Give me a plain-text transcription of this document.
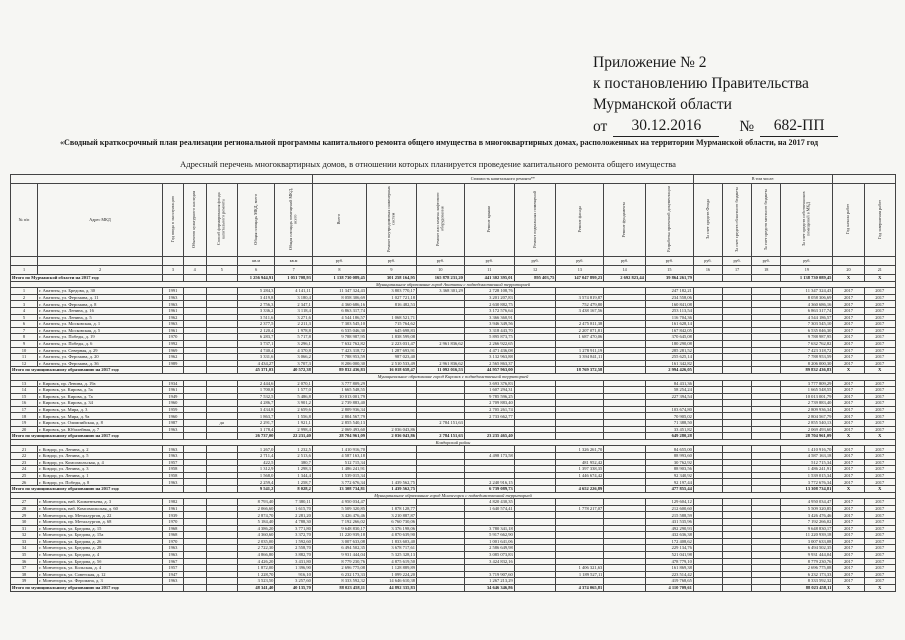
Приложение № 2
к постановлению Правительства
Мурманской области
от	30.12.2016	№	682-ПП
«Сводный краткосрочный план реализации региональной программы капитального ремонта общего имущества в многоквартирных домах, расположенных на территории Мурманской области, на 2017 год
Адресный перечень многоквартирных домов, в отношении которых планируется проведение капитального ремонта общего имущества
							Стоимость капитального ремонта**								В том числе:					
№ п/п	Адрес МКД	Год ввода в эксплуатацию	Объектов культурного наследия	Способ формирования фонда капитального ремонта	Общая площадь МКД, всего	Общая площадь помещений МКД, всего	Всего	Ремонт внутридомовых инженерных систем	Ремонт или замена лифтового оборудования	Ремонт крыши	Ремонт подвальных помещений	Ремонт фасада	Ремонт фундамента	Разработка проектной документации	За счет средств Фонда	За счет средств областного бюджета	За счет средств местного бюджета	За счет средств собственников помещений в МКД	Год начала работ	Год завершения работ
					кв.м	кв.м	руб.	руб.	руб.	руб.	руб.	руб.	руб.	руб.	руб.	руб.	руб.	руб.		
1	2	3	4	5	6	7	8	9	10	11	12	13	14	15	16	17	18	19	20	21
Итого по Мурманской области на 2017 год:					1 256 944,91	1 051 708,93	1 138 730 089,45	301 258 164,95	165 878 231,20	441 302 395,01	895 403,75	147 047 899,23	2 692 823,44	39 864 261,79				1 138 730 089,45	X	X
Муниципальное образование город Апатиты с подведомственной территорией																				
1	г. Апатиты, ул. Бредова, д. 30	1991			5 284,3	4 141,11	11 347 324,43	3 803 770,17	3 368 301,29	2 728 108,76				247 182,21				11 347 324,43	2017	2017
2	г. Апатиты, ул. Ферсмана, д. 11	1963			3 419,8	3 180,4	8 058 306,69	1 027 721,18		3 201 207,83		3 574 819,87		234 558,06				8 058 306,69	2017	2017
3	г. Апатиты, ул. Ферсмана, д. 8	1963			2 756,3	2 347,1	4 360 686,16	816 482,53		2 630 882,75		752 479,80		160 841,08				4 360 686,16	2017	2017
4	г. Апатиты, ул. Ленина, д. 16	1961			3 336,2	3 118,4	6 863 317,74			3 172 576,64		3 438 167,56		253 113,54				6 863 317,74	2017	2017
5	г. Апатиты, ул. Ленина, д. 5	1962			3 511,6	3 271,6	4 544 186,57	1 068 521,71		3 366 360,91				116 704,36				4 544 186,57	2017	2017
6	г. Апатиты, ул. Московская, д. 1	1963			2 377,5	2 211,3	7 303 545,10	715 764,62		3 946 349,56		2 475 811,38		161 628,14				7 303 545,10	2017	2017
7	г. Апатиты, ул. Московская, д. 5	1961			2 120,4	1 978,8	6 535 046,30	645 698,83		3 318 443,70		2 207 071,81		167 842,05				6 535 046,30	2017	2017
8	г. Апатиты, ул. Победы, д. 19	1970			6 283,7	5 717,8	9 788 987,95	1 838 599,08		5 895 873,75		1 687 470,06		370 645,08				9 788 987,95	2017	2017
9	г. Апатиты, ул. Победы, д. 6	1992			3 737,1	3 296,1	7 632 762,82	2 223 031,47	2 961 836,62	2 266 922,65				180 290,08				7 632 762,82	2017	2017
10	г. Апатиты, ул. Северная, д. 29	1969			4 740,4	4 370,8	7 423 318,72	1 287 693,91		4 471 436,08		1 278 911,19		285 281,52				7 423 318,72	2017	2017
11	г. Апатиты, ул. Ферсмана, д. 20	1962			3 331,6	3 066,2	7 788 953,59	987 023,40		3 132 963,88		3 394 841,11		255 625,14				7 788 953,59	2017	2017
12	г. Апатиты, ул. Ферсмана, д. 36	1989			4 434,27	3 707,3	8 206 000,30	2 510 533,49	2 961 836,62	2 565 863,37				161 342,82				8 206 000,30	2017	2017
Итого по муниципальному образованию на 2017 год:					45 371,03	40 572,38	89 832 436,83	16 018 658,47	11 092 016,53	44 957 963,00		18 769 372,58		2 994 426,05				89 832 436,83	X	X
Муниципальное образование город Кировск с подведомственной территорией																				
13	г. Кировск, пр. Ленина, д. 19а	1934			2 444,6	2 070,1	3 777 809,29			3 693 376,83				84 431,36				3 777 809,29	2017	2017
14	г. Кировск, ул. Кирова, д. 5а	1961			1 700,8	1 577,0	1 665 548,55			1 607 294,31				58 254,24				1 665 548,55	2017	2017
15	г. Кировск, ул. Кирова, д. 7а	1949			7 532,5	5 486,8	10 013 001,79			9 785 596,25				227 394,54				10 013 001,79	2017	2017
16	г. Кировск, ул. Кирова, д. 34	1960			4 286,7	3 901,2	2 739 883,40			2 709 883,40								2 739 883,40	2017	2017
17	г. Кировск, ул. Мира, д. 3	1959			3 434,8	2 659,6	2 809 936,34			2 705 261,74				103 674,80				2 809 936,34	2017	2017
18	г. Кировск, ул. Мира, д. 9а	1960			1 863,7	1 556,8	2 804 567,79			2 733 662,77				70 905,02				2 804 567,79	2017	2017
19	г. Кировск, ул. Олимпийская, д. 8	1987		да	2 291,7	1 921,1	2 855 540,13		2 784 151,63					71 388,50				2 855 540,13	2017	2017
20	г. Кировск, ул. Юбилейная, д. 7	1963			3 178,4	2 998,4	2 069 493,60	2 036 043,86						33 451,82				2 069 493,60	2017	2017
Итого по муниципальному образованию на 2017 год:					26 737,00	22 231,40	28 704 961,09	2 036 043,86	2 784 151,63	23 235 465,40				649 280,28				28 704 961,09	X	X
Ковдорский район																				
21	г. Ковдор, ул. Ленина, д. 2	1963			1 267,0	1 232,5	1 410 916,70					1 326 261,70		84 655,00				1 410 916,70	2017	2017
22	г. Ковдор, ул. Ленина, д. 5	1963			2 711,4	2 513,6	4 587 163,18			4 498 173,58				88 993,60				4 587 163,18	2017	2017
23	г. Ковдор, ул. Комсомольская, д. 4	1957			422,5	380,7	512 715,34					481 952,42		30 762,92				512 715,34	2017	2017
24	г. Ковдор, ул. Ленина, д. 3	1958			1 312,9	1 298,3	1 486 241,91					1 397 338,35		88 903,56				1 486 241,91	2017	2017
25	г. Ковдор, ул. Ленина, д. 1	1958			1 568,0	1 344,4	1 539 015,34					1 446 674,42		92 340,92				1 539 015,34	2017	2017
26	г. Ковдор, ул. Победы, д. 8	1963			2 259,4	1 258,7	3 772 676,34	1 439 562,75		2 240 916,15				92 197,44				3 772 676,34	2017	2017
Итого по муниципальному образованию на 2017 год:					9 541,2	8 028,2	13 308 734,81	1 439 562,75		6 739 089,73		4 652 226,89		477 855,44				13 308 734,81	X	X
Муниципальное образование город Мончегорск с подведомственной территорией																				
27	г. Мончегорск, наб. Климентьева, д. 3	1982			8 793,40	7 380,11	4 950 034,47			4 820 430,35				129 604,12				4 950 034,47	2017	2017
28	г. Мончегорск, наб. Комсомольская, д. 60	1961			2 066,60	1 615,70	5 509 320,85	1 878 128,77		1 640 574,41		1 778 217,07		212 600,60				5 509 320,85	2017	2017
29	г. Мончегорск, пр. Металлургов, д. 22	1939			2 874,70	2 281,20	3 426 476,46	3 210 887,87						215 588,59				3 426 476,46	2017	2017
30	г. Мончегорск, пр. Металлургов, д. 68	1970			5 184,40	4 788,30	7 192 266,02	6 760 730,06						431 535,96				7 192 266,02	2017	2017
31	г. Мончегорск, ул. Бредова, д. 15	1968			4 386,20	3 771,80	9 648 830,17	3 376 198,06		3 780 341,18				492 290,93				9 648 830,17	2017	2017
32	г. Мончегорск, ул. Бредова, д. 15а	1968			4 360,60	3 372,70	11 220 939,18	4 870 639,90		5 917 662,90				432 636,38				11 220 939,18	2017	2017
33	г. Мончегорск, ул. Бредова, д. 26	1970			2 035,00	1 592,60	3 007 633,08	1 833 603,40		1 001 641,06				172 408,62				3 007 633,08	2017	2017
34	г. Мончегорск, ул. Бредова, д. 28	1963			2 722,30	2 558,70	6 494 502,35	3 678 717,61		2 586 649,98				229 134,76				6 494 502,35	2017	2017
35	г. Мончегорск, ул. Бредова, д. 4	1963			4 866,80	3 882,70	9 931 444,04	5 325 328,13		3 085 073,83				521 041,98				9 931 444,04	2017	2017
36	г. Мончегорск, ул. Бредова, д. 5б	1967			4 426,20	3 431,80	8 779 230,76	4 875 619,50		3 424 832,16				478 779,10				8 779 230,76	2017	2017
37	г. Мончегорск, ул. Кольская, д. 4	1957			1 872,00	1 396,90	2 696 775,08	1 128 889,89				1 406 321,63		161 869,38				2 696 775,08	2017	2017
38	г. Мончегорск, ул. Советская, д. 12	1947			1 228,70	916,10	6 232 173,33	1 099 224,20		3 719 907,60		1 189 527,11		223 514,42				6 232 173,33	2017	2017
39	г. Мончегорск, ул. Ферсмана, д. 3	1963			3 523,50	3 257,60	8 333 592,32	14 646 610,38		1 267 213,29				419 768,65				8 333 592,32	2017	2017
Итого по муниципальному образованию на 2017 год:					48 341,40	40 135,70	88 023 458,11	44 892 335,83		34 646 346,86		4 374 065,81		4 110 709,61				88 023 458,11	X	X
